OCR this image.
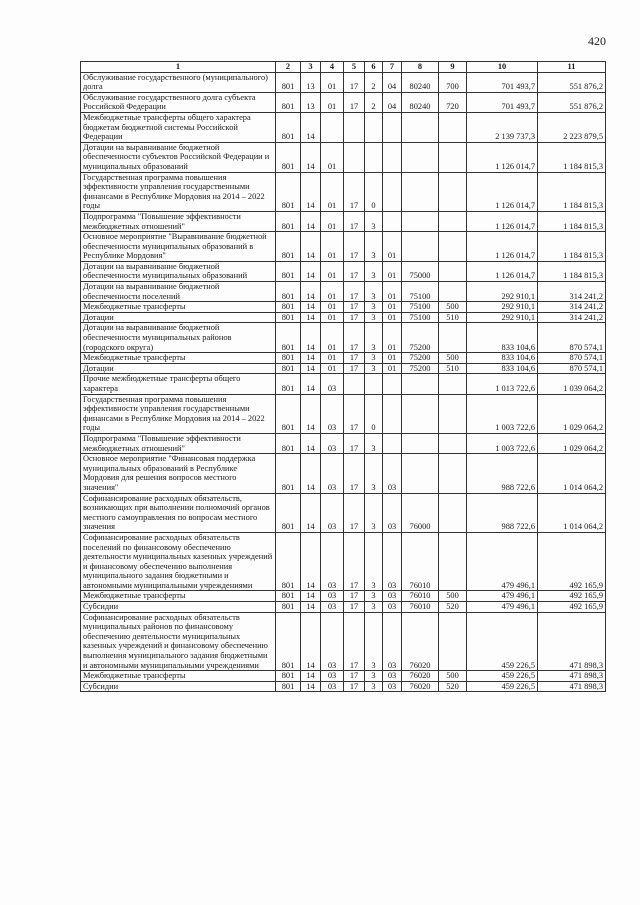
420
1	2	3	4	5	6	7	8	9	10	11
Обслуживание государственного (муниципального) долга	801	13	01	17	2	04	80240	700	701 493,7	551 876,2
Обслуживание государственного долга субъекта Российской Федерации	801	13	01	17	2	04	80240	720	701 493,7	551 876,2
Межбюджетные трансферты общего характера бюджетам бюджетной системы Российской Федерации	801	14							2 139 737,3	2 223 879,5
Дотации на выравнивание бюджетной обеспеченности субъектов Российской Федерации и муниципальных образований	801	14	01						1 126 014,7	1 184 815,3
Государственная программа повышения эффективности управления государственными финансами в Республике Мордовия на 2014 – 2022 годы	801	14	01	17	0				1 126 014,7	1 184 815,3
Подпрограмма "Повышение эффективности межбюджетных отношений"	801	14	01	17	3				1 126 014,7	1 184 815,3
Основное мероприятие "Выравнивание бюджетной обеспеченности муниципальных образований в Республике Мордовия"	801	14	01	17	3	01			1 126 014,7	1 184 815,3
Дотации на выравнивание бюджетной обеспеченности муниципальных образований	801	14	01	17	3	01	75000		1 126 014,7	1 184 815,3
Дотации на выравнивание бюджетной обеспеченности поселений	801	14	01	17	3	01	75100		292 910,1	314 241,2
Межбюджетные трансферты	801	14	01	17	3	01	75100	500	292 910,1	314 241,2
Дотации	801	14	01	17	3	01	75100	510	292 910,1	314 241,2
Дотации на выравнивание бюджетной обеспеченности муниципальных районов (городского округа)	801	14	01	17	3	01	75200		833 104,6	870 574,1
Межбюджетные трансферты	801	14	01	17	3	01	75200	500	833 104,6	870 574,1
Дотации	801	14	01	17	3	01	75200	510	833 104,6	870 574,1
Прочие межбюджетные трансферты общего характера	801	14	03						1 013 722,6	1 039 064,2
Государственная программа повышения эффективности управления государственными финансами в Республике Мордовия на 2014 – 2022 годы	801	14	03	17	0				1 003 722,6	1 029 064,2
Подпрограмма "Повышение эффективности межбюджетных отношений"	801	14	03	17	3				1 003 722,6	1 029 064,2
Основное мероприятие "Финансовая поддержка муниципальных образований в Республике Мордовия для решения вопросов местного значения"	801	14	03	17	3	03			988 722,6	1 014 064,2
Софинансирование расходных обязательств, возникающих при выполнении полномочий органов местного самоуправления по вопросам местного значения	801	14	03	17	3	03	76000		988 722,6	1 014 064,2
Софинансирование расходных обязательств поселений по финансовому обеспечению деятельности муниципальных казенных учреждений и финансовому обеспечению выполнения муниципального задания бюджетными и автономными муниципальными учреждениями	801	14	03	17	3	03	76010		479 496,1	492 165,9
Межбюджетные трансферты	801	14	03	17	3	03	76010	500	479 496,1	492 165,9
Субсидии	801	14	03	17	3	03	76010	520	479 496,1	492 165,9
Софинансирование расходных обязательств муниципальных районов по финансовому обеспечению деятельности муниципальных казенных учреждений и финансовому обеспечению выполнения муниципального задания бюджетными и автономными муниципальными учреждениями	801	14	03	17	3	03	76020		459 226,5	471 898,3
Межбюджетные трансферты	801	14	03	17	3	03	76020	500	459 226,5	471 898,3
Субсидии	801	14	03	17	3	03	76020	520	459 226,5	471 898,3
